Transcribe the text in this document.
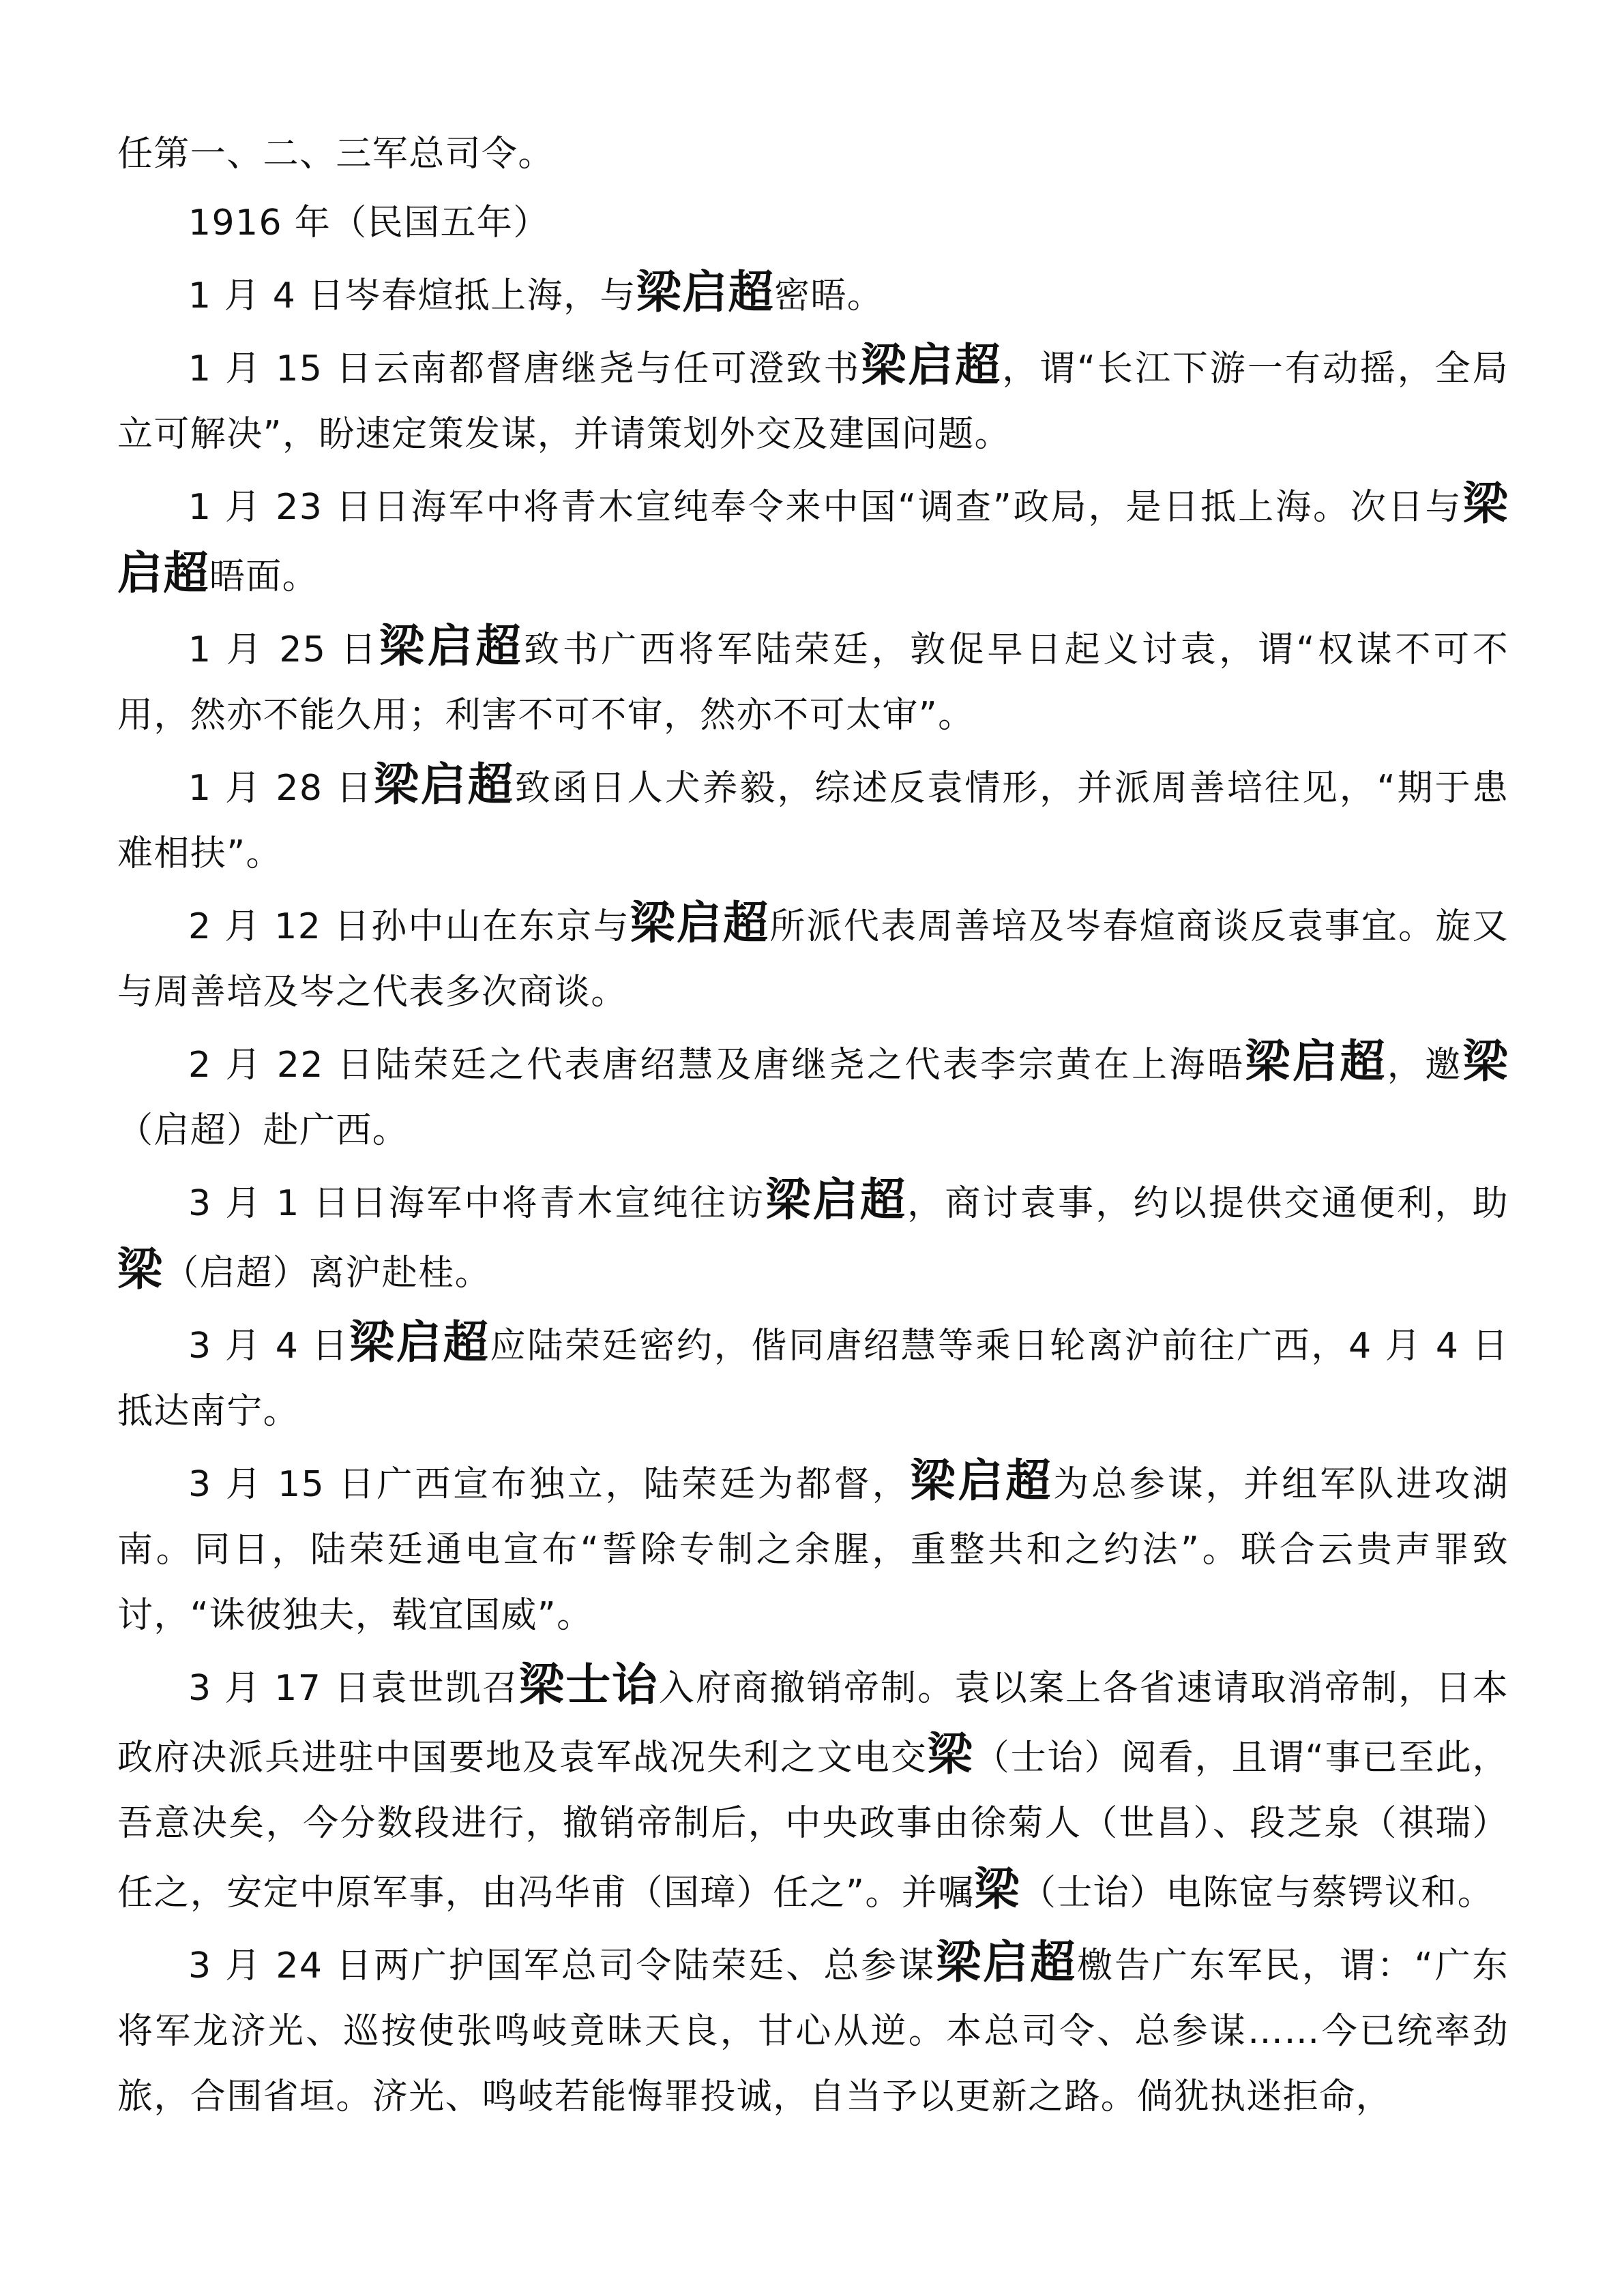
任第一、二、三军总司令。

1916 年（民国五年）

1 月 4 日岑春煊抵上海，与梁启超密晤。

1 月 15 日云南都督唐继尧与任可澄致书梁启超，谓“长江下游一有动摇，全局立可解决”，盼速定策发谋，并请策划外交及建国问题。

1 月 23 日日海军中将青木宣纯奉令来中国“调查”政局，是日抵上海。次日与梁启超晤面。

1 月 25 日梁启超致书广西将军陆荣廷，敦促早日起义讨袁，谓“权谋不可不用，然亦不能久用；利害不可不审，然亦不可太审”。

1 月 28 日梁启超致函日人犬养毅，综述反袁情形，并派周善培往见，“期于患难相扶”。

2 月 12 日孙中山在东京与梁启超所派代表周善培及岑春煊商谈反袁事宜。旋又与周善培及岑之代表多次商谈。

2 月 22 日陆荣廷之代表唐绍慧及唐继尧之代表李宗黄在上海晤梁启超，邀梁（启超）赴广西。

3 月 1 日日海军中将青木宣纯往访梁启超，商讨袁事，约以提供交通便利，助梁（启超）离沪赴桂。

3 月 4 日梁启超应陆荣廷密约，偕同唐绍慧等乘日轮离沪前往广西，4 月 4 日抵达南宁。

3 月 15 日广西宣布独立，陆荣廷为都督，梁启超为总参谋，并组军队进攻湖南。同日，陆荣廷通电宣布“誓除专制之余腥，重整共和之约法”。联合云贵声罪致讨，“诛彼独夫，载宜国威”。

3 月 17 日袁世凯召梁士诒入府商撤销帝制。袁以案上各省速请取消帝制，日本政府决派兵进驻中国要地及袁军战况失利之文电交梁（士诒）阅看，且谓“事已至此，吾意决矣，今分数段进行，撤销帝制后，中央政事由徐菊人（世昌）、段芝泉（祺瑞）任之，安定中原军事，由冯华甫（国璋）任之”。并嘱梁（士诒）电陈宧与蔡锷议和。

3 月 24 日两广护国军总司令陆荣廷、总参谋梁启超檄告广东军民，谓：“广东将军龙济光、巡按使张鸣岐竟昧天良，甘心从逆。本总司令、总参谋……今已统率劲旅，合围省垣。济光、鸣岐若能悔罪投诚，自当予以更新之路。倘犹执迷拒命，
